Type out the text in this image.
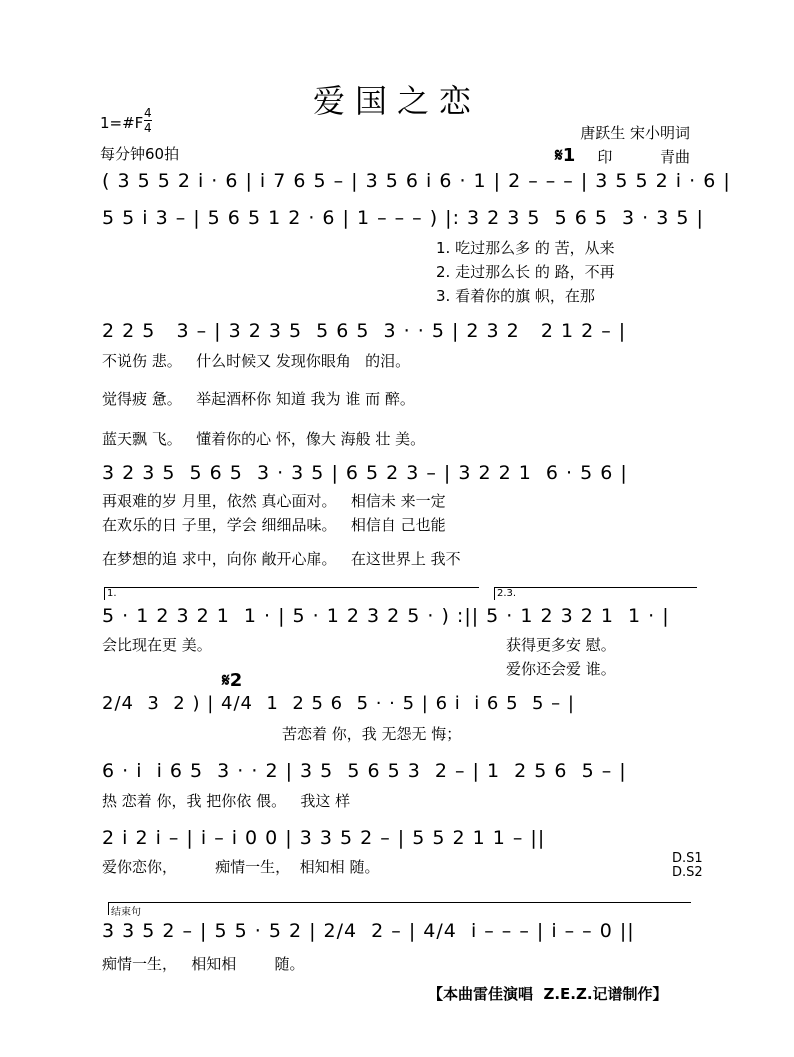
爱国之恋
1=#F
4
4
每分钟60拍
唐跃生 宋小明词
印          青曲
𝄋1
𝄋2
( 3 5 5 2 i · 6 | i 7 6 5 – | 3 5 6 i 6 · 1 | 2 – – – | 3 5 5 2 i · 6 |
5 5 i 3 – | 5 6 5 1 2 · 6 | 1 – – – ) |: 3 2 3 5  5 6 5  3 · 3 5 |
1. 吃过那么多 的 苦，从来
2. 走过那么长 的 路，不再
3. 看着你的旗 帜，在那
2 2 5   3 – | 3 2 3 5  5 6 5  3 · · 5 | 2 3 2   2 1 2 – |
不说伤 悲。   什么时候又 发现你眼角   的泪。
觉得疲 惫。   举起酒杯你 知道 我为 谁 而 醉。
蓝天飘 飞。   懂着你的心 怀，像大 海般 壮 美。
3 2 3 5  5 6 5  3 · 3 5 | 6 5 2 3 – | 3 2 2 1  6 · 5 6 |
再艰难的岁 月里，依然 真心面对。   相信未 来一定
在欢乐的日 子里，学会 细细品味。   相信自 己也能
在梦想的追 求中，向你 敞开心扉。   在这世界上 我不
1.	2.3.
5 · 1 2 3 2 1  1 · | 5 · 1 2 3 2 5 · ) :|| 5 · 1 2 3 2 1  1 · |
会比现在更 美。	获得更多安 慰。
爱你还会爱 谁。
2/4  3  2 ) | 4/4  1  2 5 6  5 · · 5 | 6 i  i 6 5  5 – |
苦恋着 你，我 无怨无 悔；
6 · i  i 6 5  3 · · 2 | 3 5  5 6 5 3  2 – | 1  2 5 6  5 – |
热 恋着 你，我 把你依 偎。   我这 样
2 i 2 i – | i – i 0 0 | 3 3 5 2 – | 5 5 2 1 1 – ||
爱你恋你，        痴情一生，  相知相 随。	D.S1
D.S2
结束句
3 3 5 2 – | 5 5 · 5 2 | 2/4  2 – | 4/4  i – – – | i – – 0 ||
痴情一生，   相知相        随。
【本曲雷佳演唱  Z.E.Z.记谱制作】
